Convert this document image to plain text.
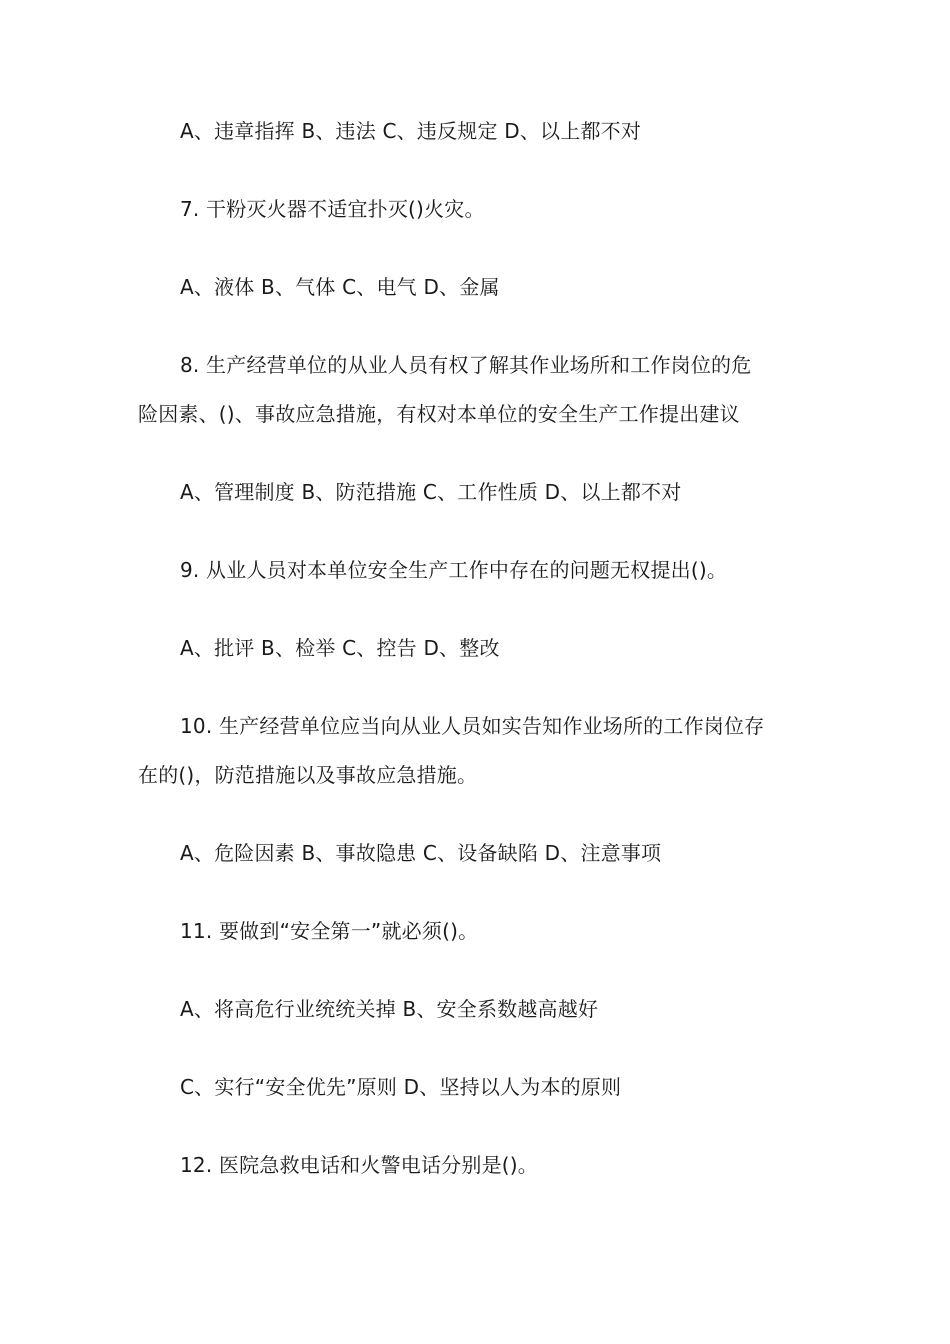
A、违章指挥 B、违法 C、违反规定 D、以上都不对
7. 干粉灭火器不适宜扑灭()火灾。
A、液体 B、气体 C、电气 D、金属
8. 生产经营单位的从业人员有权了解其作业场所和工作岗位的危
险因素、()、事故应急措施，有权对本单位的安全生产工作提出建议
A、管理制度 B、防范措施 C、工作性质 D、以上都不对
9. 从业人员对本单位安全生产工作中存在的问题无权提出()。
A、批评 B、检举 C、控告 D、整改
10. 生产经营单位应当向从业人员如实告知作业场所的工作岗位存
在的()，防范措施以及事故应急措施。
A、危险因素 B、事故隐患 C、设备缺陷 D、注意事项
11. 要做到“安全第一”就必须()。
A、将高危行业统统关掉 B、安全系数越高越好
C、实行“安全优先”原则 D、坚持以人为本的原则
12. 医院急救电话和火警电话分别是()。
